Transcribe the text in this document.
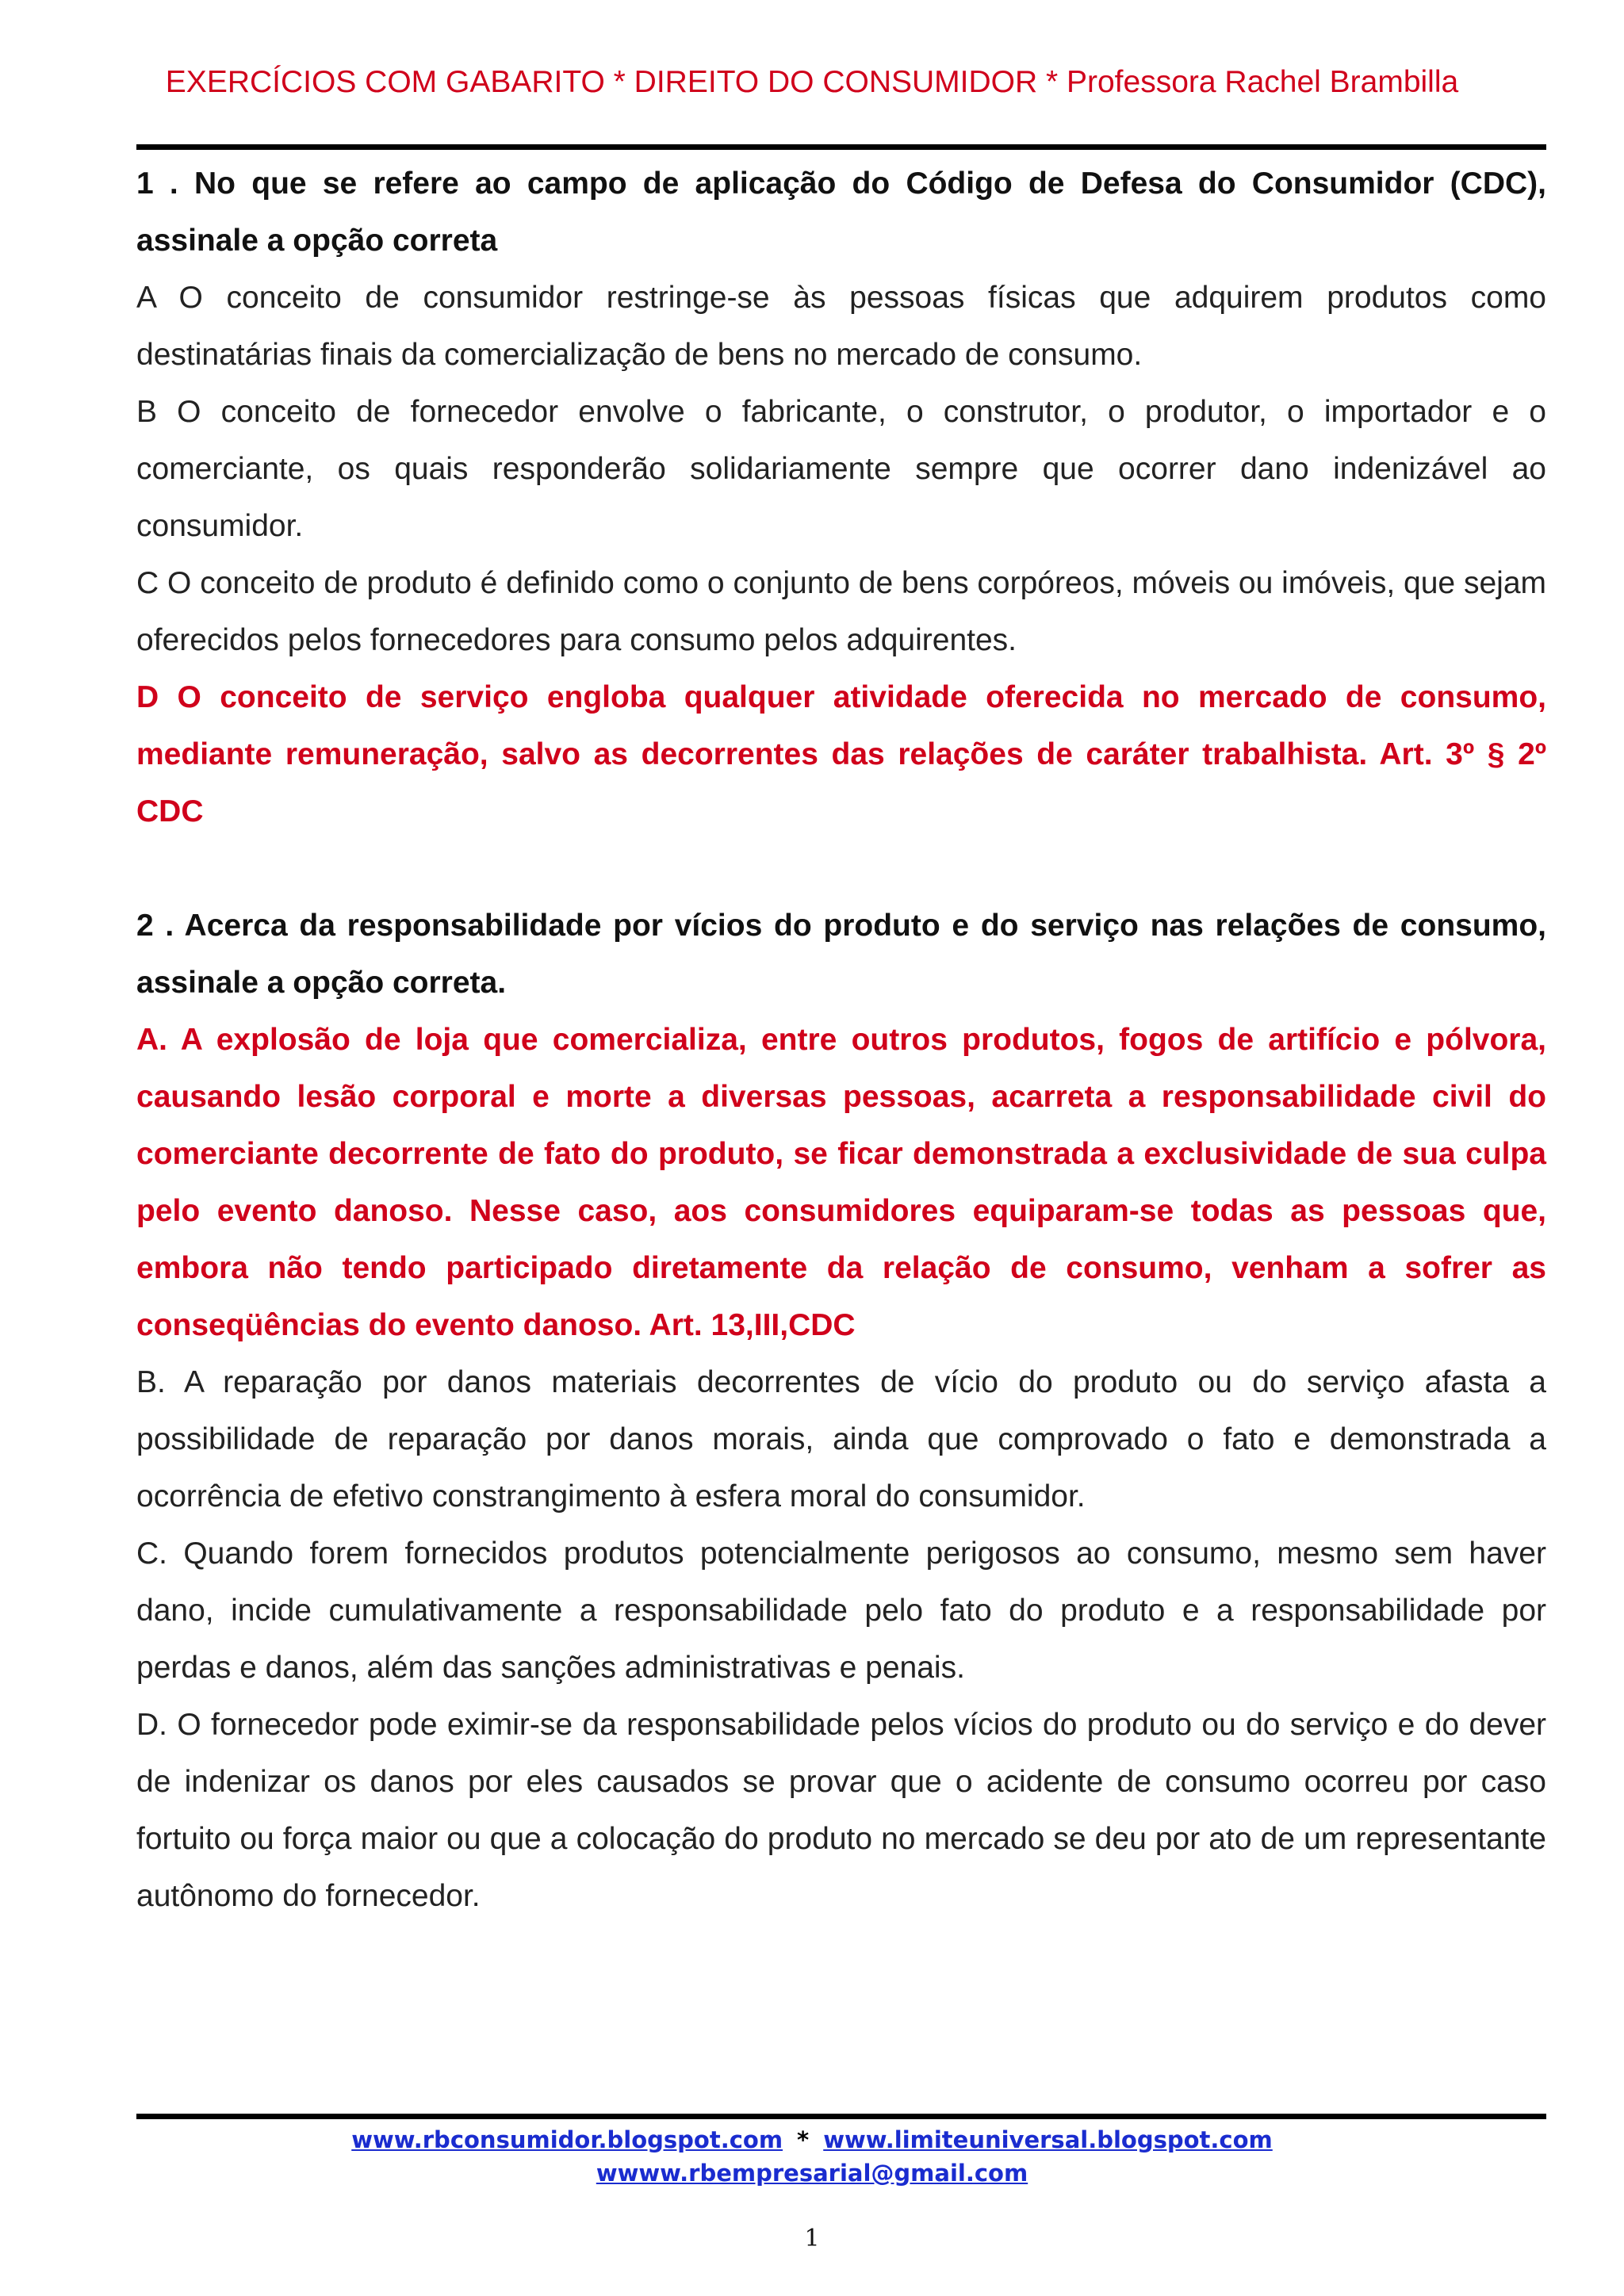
EXERCÍCIOS COM GABARITO * DIREITO DO CONSUMIDOR * Professora Rachel Brambilla

1 . No que se refere ao campo de aplicação do Código de Defesa do Consumidor (CDC), assinale a opção correta

A O conceito de consumidor restringe-se às pessoas físicas que adquirem produtos como destinatárias finais da comercialização de bens no mercado de consumo.

B O conceito de fornecedor envolve o fabricante, o construtor, o produtor, o importador e o comerciante, os quais responderão solidariamente sempre que ocorrer dano indenizável ao consumidor.

C O conceito de produto é definido como o conjunto de bens corpóreos, móveis ou imóveis, que sejam oferecidos pelos fornecedores para consumo pelos adquirentes.

D O conceito de serviço engloba qualquer atividade oferecida no mercado de consumo, mediante remuneração, salvo as decorrentes das relações de caráter trabalhista. Art. 3º § 2º CDC

2 . Acerca da responsabilidade por vícios do produto e do serviço nas relações de consumo, assinale a opção correta.

A. A explosão de loja que comercializa, entre outros produtos, fogos de artifício e pólvora, causando lesão corporal e morte a diversas pessoas, acarreta a responsabilidade civil do comerciante decorrente de fato do produto, se ficar demonstrada a exclusividade de sua culpa pelo evento danoso. Nesse caso, aos consumidores equiparam-se todas as pessoas que, embora não tendo participado diretamente da relação de consumo, venham a sofrer as conseqüências do evento danoso. Art. 13,III,CDC

B. A reparação por danos materiais decorrentes de vício do produto ou do serviço afasta a possibilidade de reparação por danos morais, ainda que comprovado o fato e demonstrada a ocorrência de efetivo constrangimento à esfera moral do consumidor.

C. Quando forem fornecidos produtos potencialmente perigosos ao consumo, mesmo sem haver dano, incide cumulativamente a responsabilidade pelo fato do produto e a responsabilidade por perdas e danos, além das sanções administrativas e penais.

D. O fornecedor pode eximir-se da responsabilidade pelos vícios do produto ou do serviço e do dever de indenizar os danos por eles causados se provar que o acidente de consumo ocorreu por caso fortuito ou força maior ou que a colocação do produto no mercado se deu por ato de um representante autônomo do fornecedor.

www.rbconsumidor.blogspot.com * www.limiteuniversal.blogspot.com
wwww.rbempresarial@gmail.com
1
